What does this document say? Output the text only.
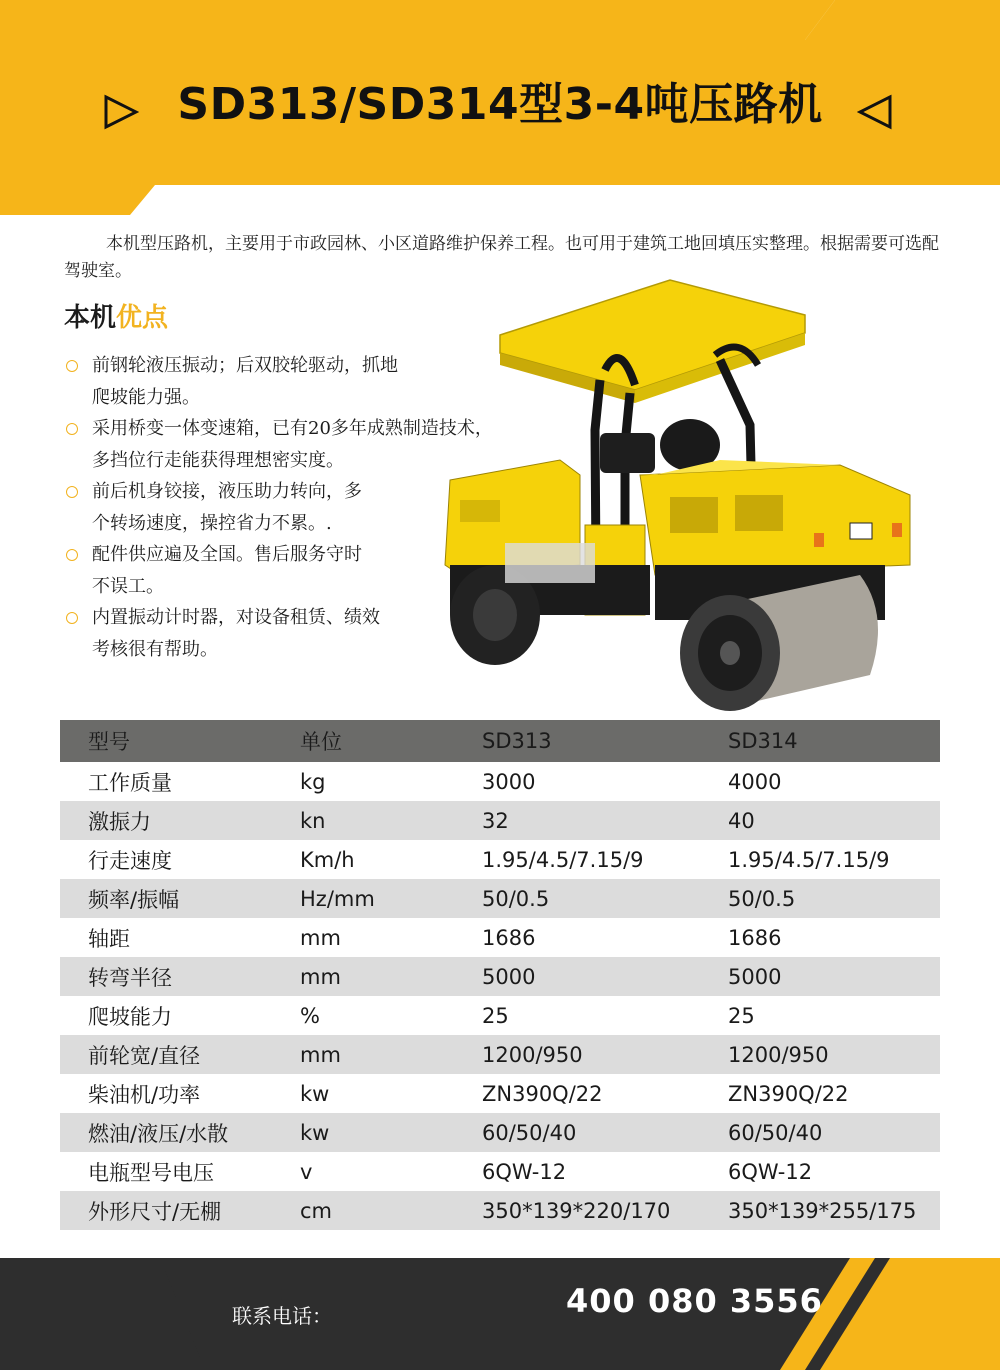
SD313/SD314型3-4吨压路机
本机型压路机，主要用于市政园林、小区道路维护保养工程。也可用于建筑工地回填压实整理。根据需要可选配驾驶室。
本机优点
前钢轮液压振动；后双胶轮驱动，抓地
爬坡能力强。
采用桥变一体变速箱，已有20多年成熟制造技术，
多挡位行走能获得理想密实度。
前后机身铰接，液压助力转向，多
个转场速度，操控省力不累。.
配件供应遍及全国。售后服务守时
不误工。
内置振动计时器，对设备租赁、绩效
考核很有帮助。
型号	单位	SD313	SD314
工作质量	kg	3000	4000
激振力	kn	32	40
行走速度	Km/h	1.95/4.5/7.15/9	1.95/4.5/7.15/9
频率/振幅	Hz/mm	50/0.5	50/0.5
轴距	mm	1686	1686
转弯半径	mm	5000	5000
爬坡能力	%	25	25
前轮宽/直径	mm	1200/950	1200/950
柴油机/功率	kw	ZN390Q/22	ZN390Q/22
燃油/液压/水散	kw	60/50/40	60/50/40
电瓶型号电压	v	6QW-12	6QW-12
外形尺寸/无棚	cm	350*139*220/170	350*139*255/175
联系电话：	400 080 3556
